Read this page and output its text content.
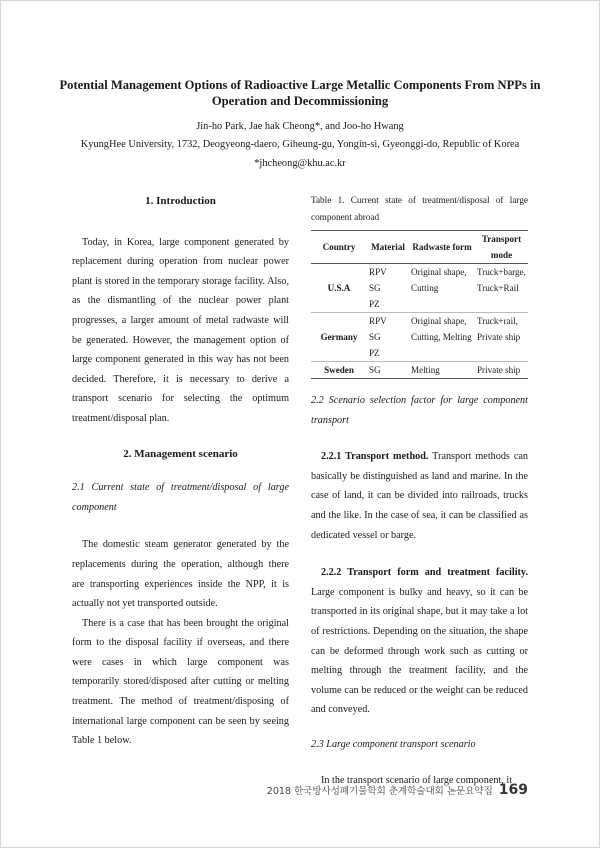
Potential Management Options of Radioactive Large Metallic Components From NPPs in Operation and Decommissioning
Jin-ho Park, Jae hak Cheong*, and Joo-ho Hwang
KyungHee University, 1732, Deogyeong-daero, Giheung-gu, Yongin-si, Gyeonggi-do, Republic of Korea
*jhcheong@khu.ac.kr
1. Introduction

Today, in Korea, large component generated by replacement during operation from nuclear power plant is stored in the temporary storage facility. Also, as the dismantling of the nuclear power plant progresses, a larger amount of metal radwaste will be generated. However, the management option of large component generated in this way has not been decided. Therefore, it is necessary to derive a transport scenario for selecting the optimum treatment/disposal plan.

2. Management scenario

2.1 Current state of treatment/disposal of large component

The domestic steam generator generated by the replacements during the operation, although there are transporting experiences inside the NPP, it is actually not yet transported outside.

There is a case that has been brought the original form to the disposal facility if overseas, and there were cases in which large component was temporarily stored/disposed after cutting or melting treatment. The method of treatment/disposing of international large component can be seen by seeing Table 1 below.

Table 1. Current state of treatment/disposal of large component abroad

Country	Material	Radwaste form	Transport mode
U.S.A	RPV
SG
PZ	Original shape, Cutting	Truck+barge, Truck+Rail
Germany	RPV
SG
PZ	Original shape, Cutting, Melting	Truck+rail, Private ship
Sweden	SG	Melting	Private ship

2.2 Scenario selection factor for large component transport

2.2.1 Transport method. Transport methods can basically be distinguished as land and marine. In the case of land, it can be divided into railroads, trucks and the like. In the case of sea, it can be classified as dedicated vessel or barge.

2.2.2 Transport form and treatment facility. Large component is bulky and heavy, so it can be transported in its original shape, but it may take a lot of restrictions. Depending on the situation, the shape can be deformed through work such as cutting or melting through the treatment facility, and the volume can be reduced or the weight can be reduced and conveyed.

2.3 Large component transport scenario

In the transport scenario of large component, it

2018 한국방사성폐기물학회 춘계학술대회 논문요약집 169
